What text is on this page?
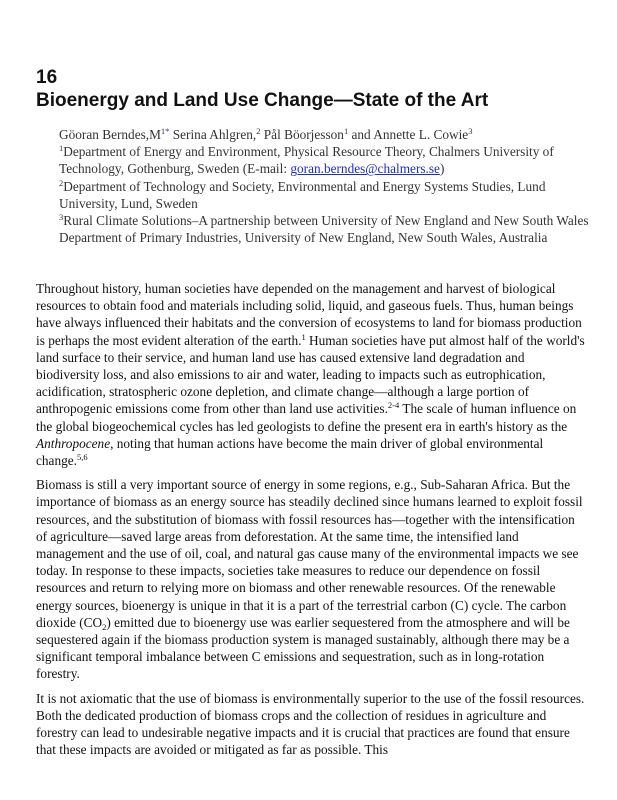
16
Bioenergy and Land Use Change—State of the Art
Göoran $Berndes,M^{1*}$ Serina Ahlgren,$^2$ Pål Böorjesson$^1$ and Annette L. Cowie$^3$

$^1$Department of Energy and Environment, Physical Resource Theory, Chalmers University of Technology, Gothenburg, Sweden (E-mail: goran.berndes@chalmers.se)

$^2$Department of Technology and Society, Environmental and Energy Systems Studies, Lund University, Lund, Sweden

$^3$Rural Climate Solutions–A partnership between University of New England and New South Wales Department of Primary Industries, University of New England, New South Wales, Australia

Throughout history, human societies have depended on the management and harvest of biological resources to obtain food and materials including solid, liquid, and gaseous fuels. Thus, human beings have always influenced their habitats and the conversion of ecosystems to land for biomass production is perhaps the most evident alteration of the earth.$^1$ Human societies have put almost half of the world's land surface to their service, and human land use has caused extensive land degradation and biodiversity loss, and also emissions to air and water, leading to impacts such as eutrophication, acidification, stratospheric ozone depletion, and climate change—although a large portion of anthropogenic emissions come from other than land use activities.$^{2-4}$ The scale of human influence on the global biogeochemical cycles has led geologists to define the present era in earth's history as the Anthropocene, noting that human actions have become the main driver of global environmental change.$^{5,6}$

Biomass is still a very important source of energy in some regions, e.g., Sub-Saharan Africa. But the importance of biomass as an energy source has steadily declined since humans learned to exploit fossil resources, and the substitution of biomass with fossil resources has—together with the intensification of agriculture—saved large areas from deforestation. At the same time, the intensified land management and the use of oil, coal, and natural gas cause many of the environmental impacts we see today. In response to these impacts, societies take measures to reduce our dependence on fossil resources and return to relying more on biomass and other renewable resources. Of the renewable energy sources, bioenergy is unique in that it is a part of the terrestrial carbon (C) cycle. The carbon dioxide $(CO_2)$ emitted due to bioenergy use was earlier sequestered from the atmosphere and will be sequestered again if the biomass production system is managed sustainably, although there may be a significant temporal imbalance between C emissions and sequestration, such as in long-rotation forestry.

It is not axiomatic that the use of biomass is environmentally superior to the use of the fossil resources. Both the dedicated production of biomass crops and the collection of residues in agriculture and forestry can lead to undesirable negative impacts and it is crucial that practices are found that ensure that these impacts are avoided or mitigated as far as possible. This
